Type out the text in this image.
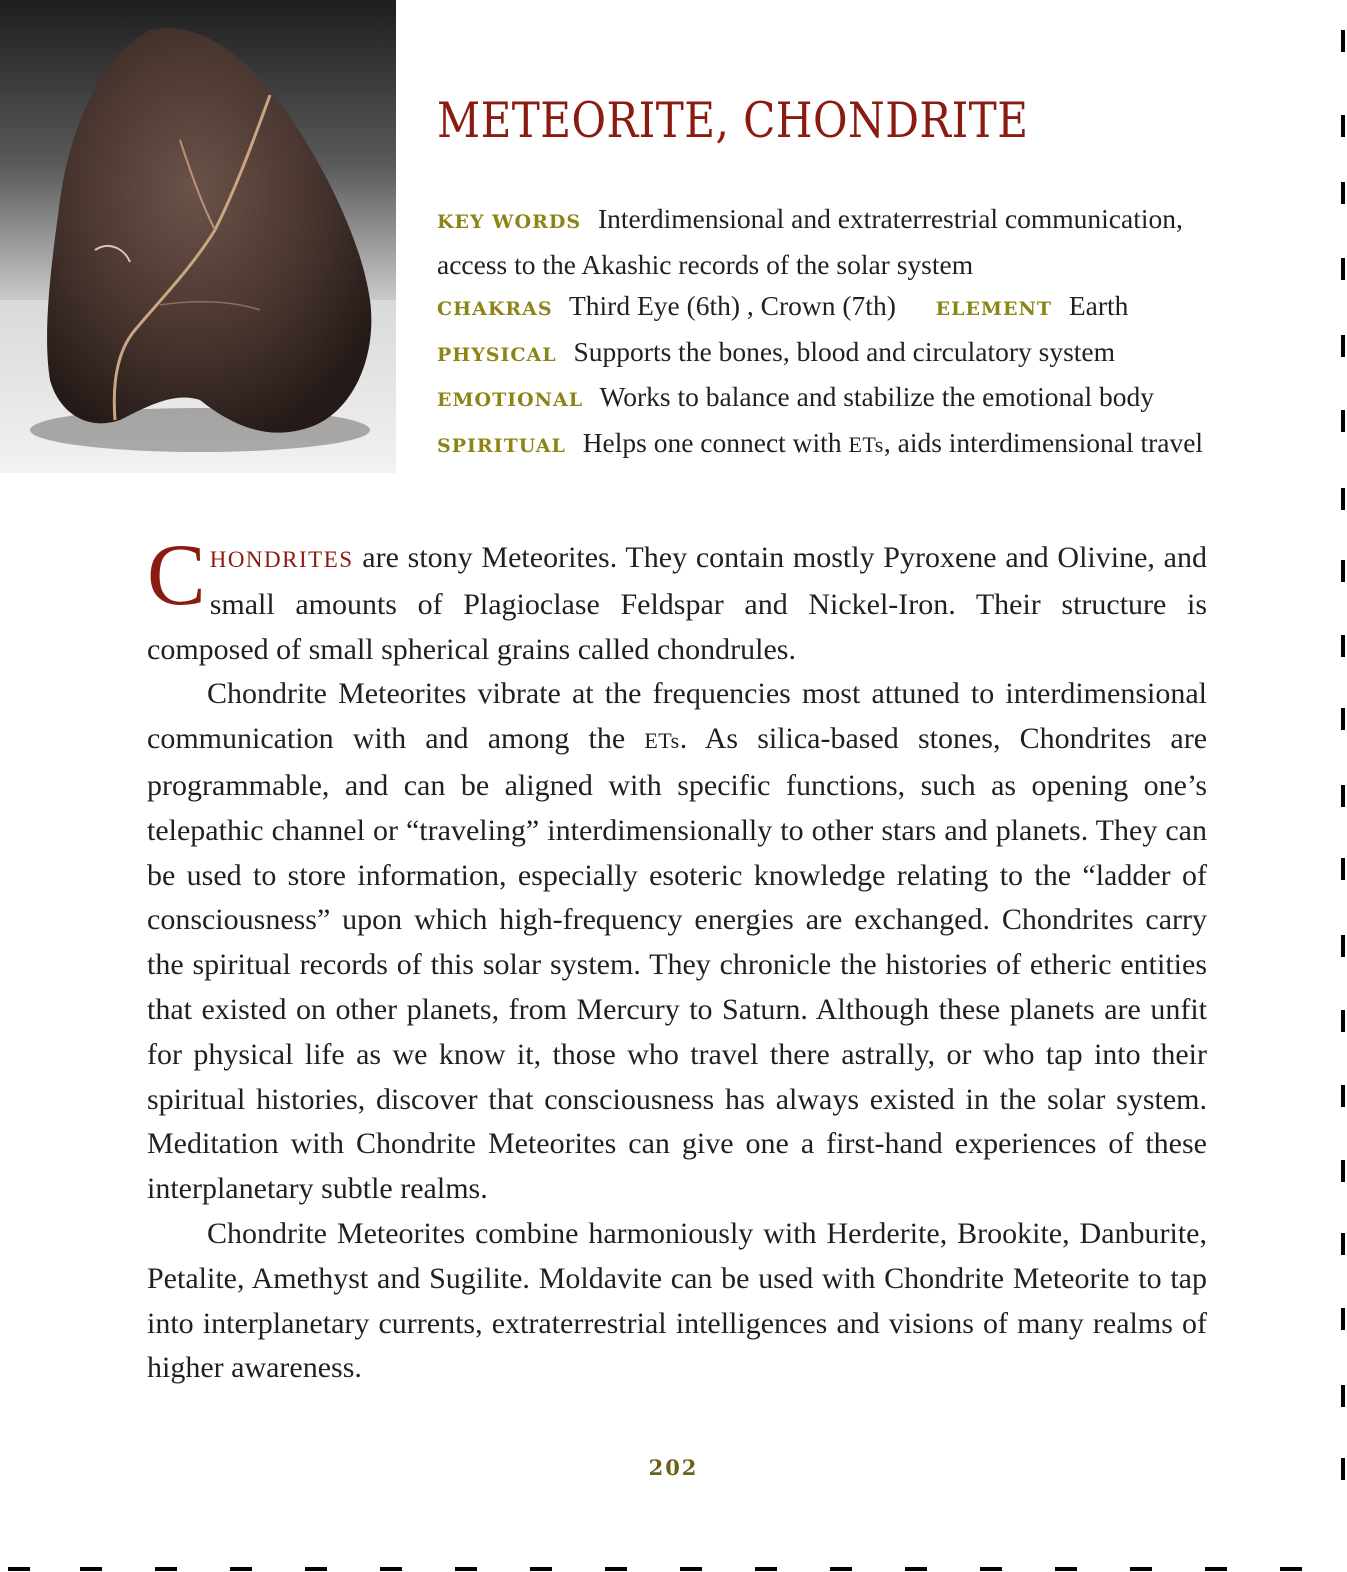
METEORITE, CHONDRITE
KEY WORDS Interdimensional and extraterrestrial communication, access to the Akashic records of the solar system
CHAKRAS Third Eye (6th) , Crown (7th) ELEMENT Earth
PHYSICAL Supports the bones, blood and circulatory system  EMOTIONAL Works to balance and stabilize the emotional body  SPIRITUAL Helps one connect with ETs, aids interdimensional travel

CHONDRITES are stony Meteorites. They contain mostly Pyroxene and Olivine, and small amounts of Plagioclase Feldspar and Nickel-Iron. Their structure is composed of small spherical grains called chondrules.

Chondrite Meteorites vibrate at the frequencies most attuned to interdimensional communication with and among the ETs. As silica-based stones, Chondrites are programmable, and can be aligned with specific functions, such as opening one’s telepathic channel or “traveling” interdimensionally to other stars and planets. They can be used to store information, especially esoteric knowledge relating to the “ladder of consciousness” upon which high-frequency energies are exchanged. Chondrites carry the spiritual records of this solar system. They chronicle the histories of etheric entities that existed on other planets, from Mercury to Saturn. Although these planets are unfit for physical life as we know it, those who travel there astrally, or who tap into their spiritual histories, discover that consciousness has always existed in the solar system. Meditation with Chondrite Meteorites can give one a first-hand experiences of these interplanetary subtle realms.

Chondrite Meteorites combine harmoniously with Herderite, Brookite, Danburite, Petalite, Amethyst and Sugilite. Moldavite can be used with Chondrite Meteorite to tap into interplanetary currents, extraterrestrial intelligences and visions of many realms of higher awareness.

202
